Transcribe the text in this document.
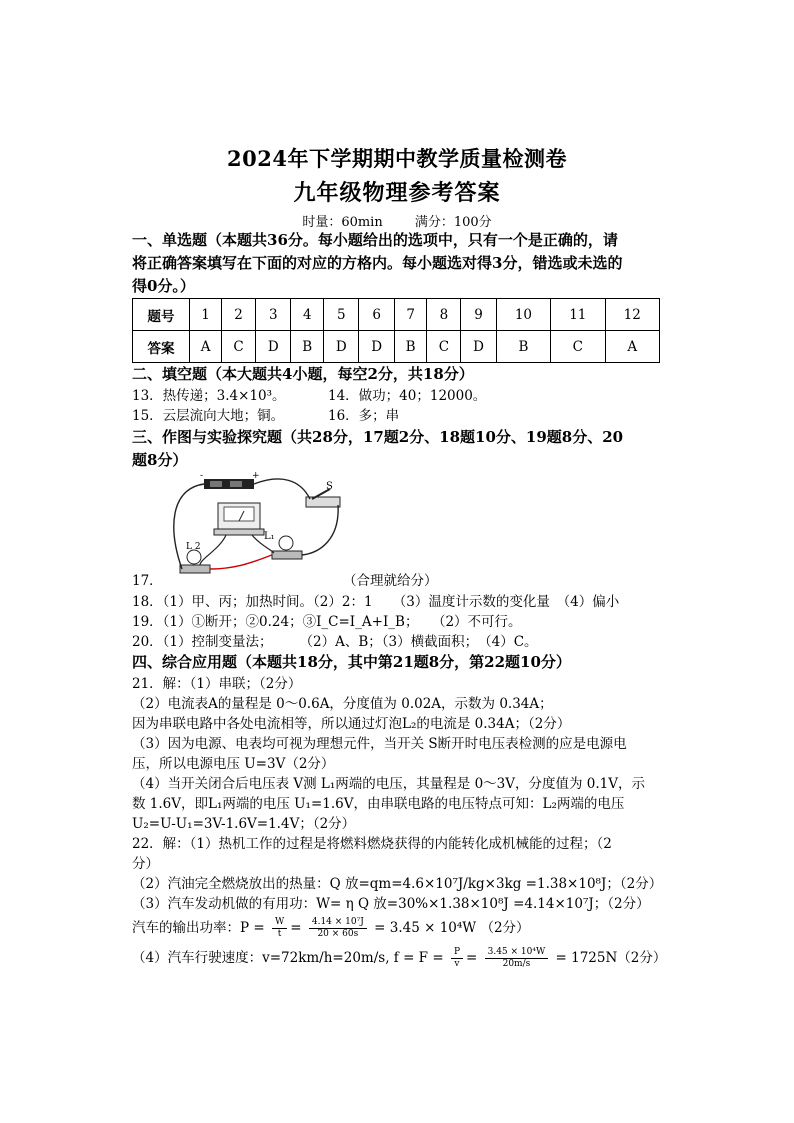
2024年下学期期中教学质量检测卷
九年级物理参考答案
时量：60min 满分：100分
一、单选题（本题共36分。每小题给出的选项中，只有一个是正确的，请
将正确答案填写在下面的对应的方格内。每小题选对得3分，错选或未选的
得0分。）
题号	1	2	3	4	5	6	7	8	9	10	11	12
答案	A	C	D	B	D	D	B	C	D	B	C	A
二、填空题（本大题共4小题，每空2分，共18分）
13．热传递；3.4×10³。	14．做功；40；12000。
15．云层流向大地；铜。	16．多；串
三、作图与实验探究题（共28分，17题2分、18题10分、19题8分、20
题8分）
-	+
S
L₁
L 2
17．	（合理就给分）
18．（1）甲、丙；加热时间。（2）2：1　　（3）温度计示数的变化量　（4）偏小
19．（1）①断开；②0.24；③I_C=I_A+I_B；　　（2）不可行。
20．（1）控制变量法；　　　（2）A、B；（3）横截面积；　（4）C。
四、综合应用题（本题共18分，其中第21题8分，第22题10分）
21．解：（1）串联；（2分）
（2）电流表A的量程是 0～0.6A，分度值为 0.02A，示数为 0.34A；
因为串联电路中各处电流相等，所以通过灯泡L₂的电流是 0.34A；（2分）
（3）因为电源、电表均可视为理想元件，当开关 S断开时电压表检测的应是电源电
压，所以电源电压 U=3V（2分）
（4）当开关闭合后电压表 V测 L₁两端的电压，其量程是 0～3V，分度值为 0.1V，示
数 1.6V，即L₁两端的电压 U₁=1.6V，由串联电路的电压特点可知：L₂两端的电压
U₂=U-U₁=3V-1.6V=1.4V；（2分）
22．解：（1）热机工作的过程是将燃料燃烧获得的内能转化成机械能的过程；（2
分）
（2）汽油完全燃烧放出的热量：Q 放=qm=4.6×10⁷J/kg×3kg =1.38×10⁸J；（2分）
（3）汽车发动机做的有用功：W= η Q 放=30%×1.38×10⁸J =4.14×10⁷J；（2分）
汽车的输出功率：$P = \frac{W}{t} = \frac{\text{4.14 × 10⁷J}}{20 \times 60s} = 3.45 \times 10^4W$ （2分）
（4）汽车行驶速度：v=72km/h=20m/s, $f = F = \frac{P}{v} = \frac{\text{3.45 × 10⁴W}}{20m/s} = 1725N(2$分）
